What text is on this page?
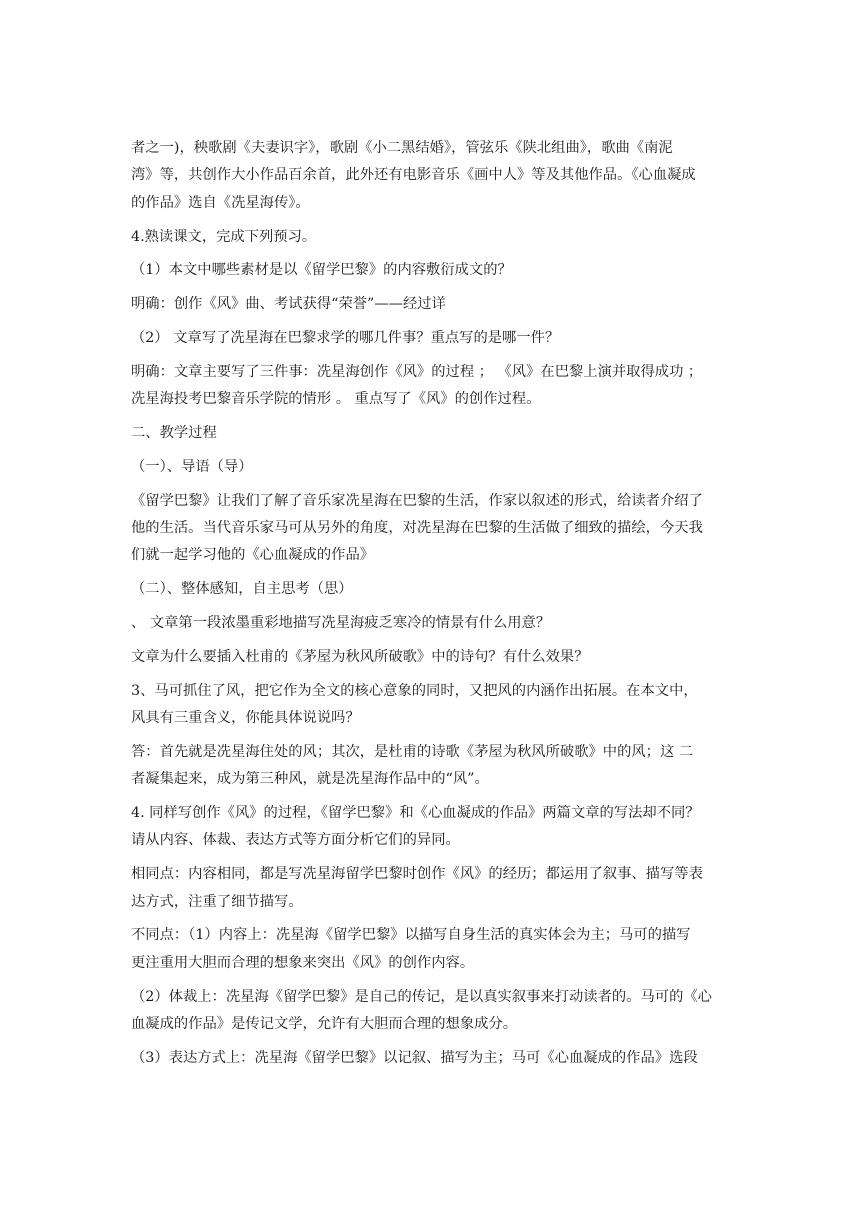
者之一)，秧歌剧《夫妻识字》，歌剧《小二黑结婚》，管弦乐《陕北组曲》，歌曲《南泥
湾》等，共创作大小作品百余首，此外还有电影音乐《画中人》等及其他作品。《心血凝成
的作品》选自《冼星海传》。

4.熟读课文，完成下列预习。

（1）本文中哪些素材是以《留学巴黎》的内容敷衍成文的？

明确：创作《风》曲、考试获得“荣誉”——经过详

（2） 文章写了冼星海在巴黎求学的哪几件事？重点写的是哪一件？

明确：文章主要写了三件事：冼星海创作《风》的过程 ； 《风》在巴黎上演并取得成功 ；
冼星海投考巴黎音乐学院的情形 。 重点写了《风》的创作过程。

二、教学过程

（一）、导语（导）

《留学巴黎》让我们了解了音乐家冼星海在巴黎的生活，作家以叙述的形式，给读者介绍了
他的生活。当代音乐家马可从另外的角度，对冼星海在巴黎的生活做了细致的描绘，今天我
们就一起学习他的《心血凝成的作品》

（二）、整体感知，自主思考（思）

、 文章第一段浓墨重彩地描写冼星海疲乏寒冷的情景有什么用意？

文章为什么要插入杜甫的《茅屋为秋风所破歌》中的诗句？有什么效果？

3、马可抓住了风，把它作为全文的核心意象的同时，又把风的内涵作出拓展。在本文中，
风具有三重含义，你能具体说说吗？

答：首先就是冼星海住处的风；其次，是杜甫的诗歌《茅屋为秋风所破歌》中的风；这 二
者凝集起来，成为第三种风，就是冼星海作品中的“风”。

4. 同样写创作《风》的过程，《留学巴黎》和《心血凝成的作品》两篇文章的写法却不同？
请从内容、体裁、表达方式等方面分析它们的异同。

相同点：内容相同，都是写冼星海留学巴黎时创作《风》的经历；都运用了叙事、描写等表
达方式，注重了细节描写。

不同点：（1）内容上：冼星海《留学巴黎》以描写自身生活的真实体会为主；马可的描写
更注重用大胆而合理的想象来突出《风》的创作内容。

（2）体裁上：冼星海《留学巴黎》是自己的传记，是以真实叙事来打动读者的。马可的《心
血凝成的作品》是传记文学，允许有大胆而合理的想象成分。

（3）表达方式上：冼星海《留学巴黎》以记叙、描写为主；马可《心血凝成的作品》选段
